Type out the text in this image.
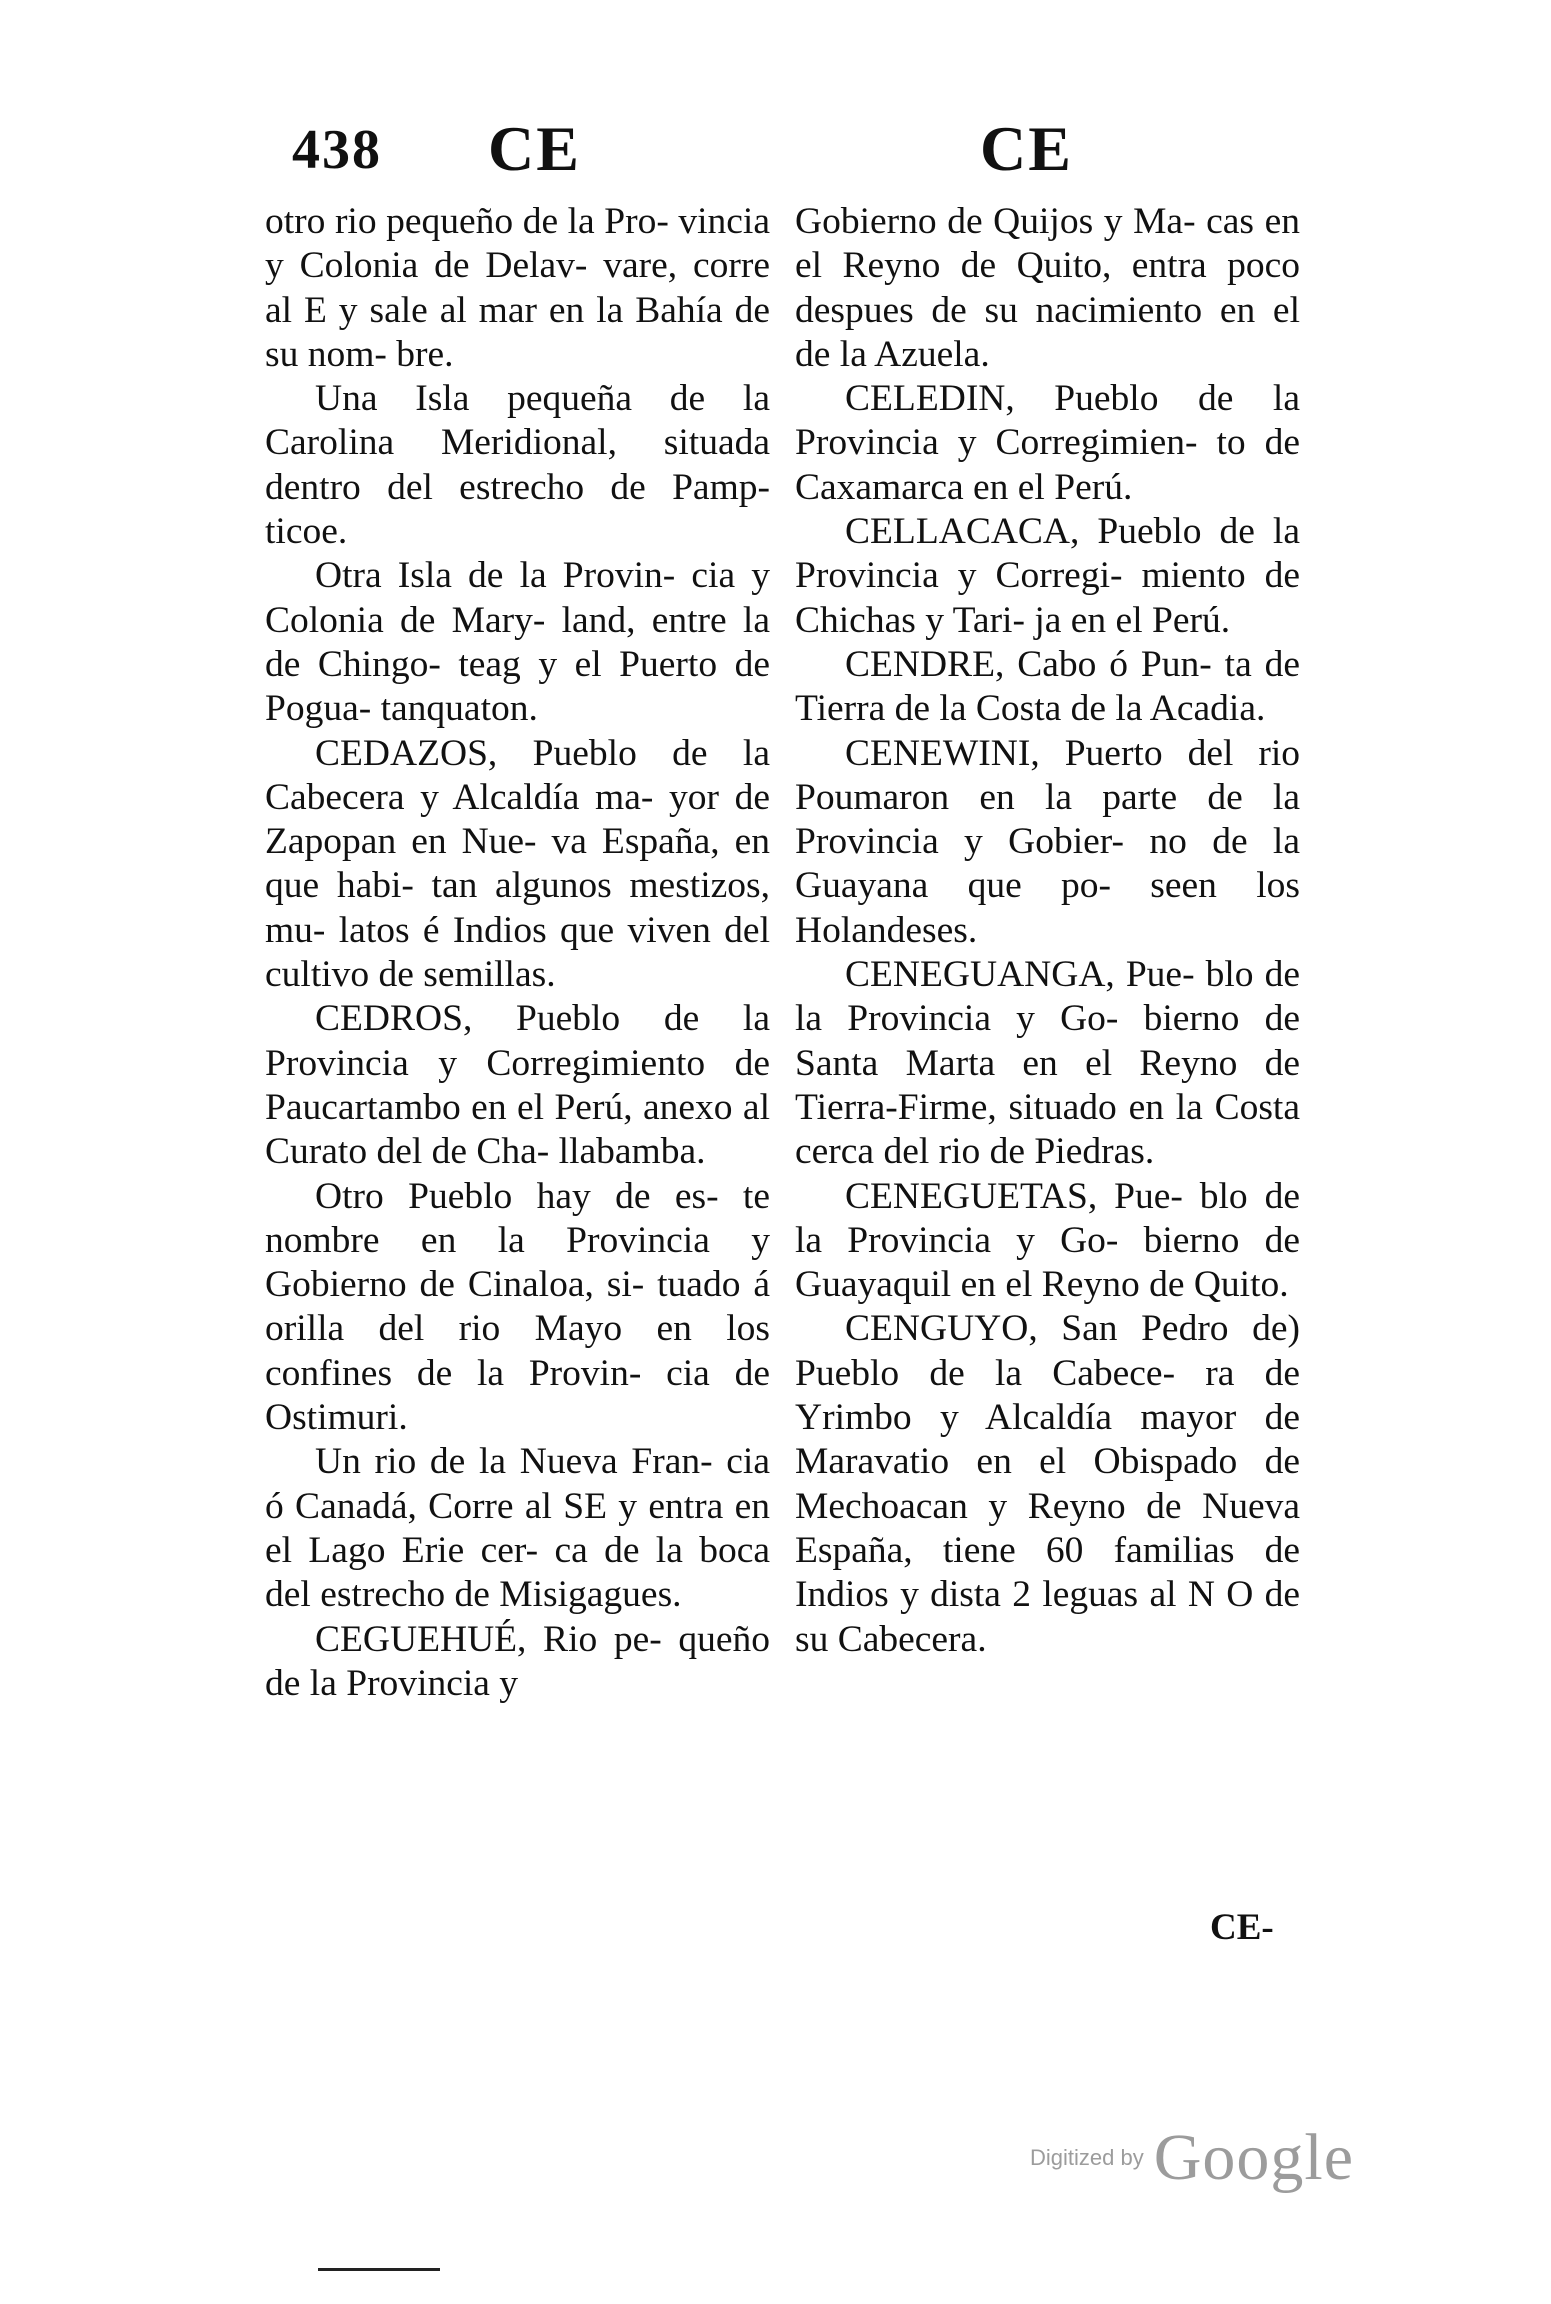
438 CE	CE

otro rio pequeño de la Pro- vincia y Colonia de Delav- vare, corre al E y sale al mar en la Bahía de su nom- bre.

Una Isla pequeña de la Carolina Meridional, situada dentro del estrecho de Pamp- ticoe.

Otra Isla de la Provin- cia y Colonia de Mary- land, entre la de Chingo- teag y el Puerto de Pogua- tanquaton.

CEDAZOS, Pueblo de la Cabecera y Alcaldía ma- yor de Zapopan en Nue- va España, en que habi- tan algunos mestizos, mu- latos é Indios que viven del cultivo de semillas.

CEDROS, Pueblo de la Provincia y Corregimiento de Paucartambo en el Perú, anexo al Curato del de Cha- llabamba.

Otro Pueblo hay de es- te nombre en la Provincia y Gobierno de Cinaloa, si- tuado á orilla del rio Mayo en los confines de la Provin- cia de Ostimuri.

Un rio de la Nueva Fran- cia ó Canadá, Corre al SE y entra en el Lago Erie cer- ca de la boca del estrecho de Misigagues.

CEGUEHUÉ, Rio pe- queño de la Provincia y

Gobierno de Quijos y Ma- cas en el Reyno de Quito, entra poco despues de su nacimiento en el de la Azuela.

CELEDIN, Pueblo de la Provincia y Corregimien- to de Caxamarca en el Perú.

CELLACACA, Pueblo de la Provincia y Corregi- miento de Chichas y Tari- ja en el Perú.

CENDRE, Cabo ó Pun- ta de Tierra de la Costa de la Acadia.

CENEWINI, Puerto del rio Poumaron en la parte de la Provincia y Gobier- no de la Guayana que po- seen los Holandeses.

CENEGUANGA, Pue- blo de la Provincia y Go- bierno de Santa Marta en el Reyno de Tierra-Firme, situado en la Costa cerca del rio de Piedras.

CENEGUETAS, Pue- blo de la Provincia y Go- bierno de Guayaquil en el Reyno de Quito.

CENGUYO, San Pedro de) Pueblo de la Cabece- ra de Yrimbo y Alcaldía mayor de Maravatio en el Obispado de Mechoacan y Reyno de Nueva España, tiene 60 familias de Indios y dista 2 leguas al N O de su Cabecera.

CE-
Digitized by Google
